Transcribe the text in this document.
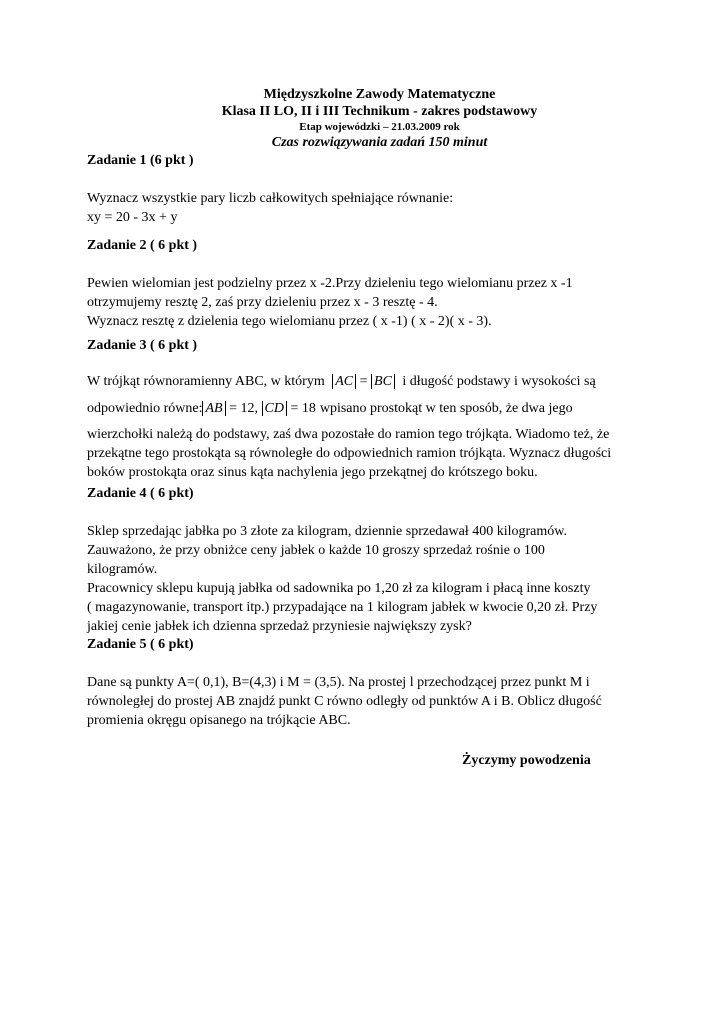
Międzyszkolne Zawody Matematyczne
Klasa II LO, II i III Technikum - zakres podstawowy
Etap wojewódzki – 21.03.2009 rok
Czas rozwiązywania zadań 150 minut
Zadanie 1 (6 pkt )
Wyznacz wszystkie pary liczb całkowitych spełniające równanie:
xy = 20 - 3x + y
Zadanie 2 ( 6 pkt )
Pewien wielomian jest podzielny przez x -2.Przy dzieleniu tego wielomianu przez x -1
otrzymujemy resztę 2, zaś przy dzieleniu przez x - 3 resztę - 4.
Wyznacz resztę z dzielenia tego wielomianu przez ( x -1) ( x - 2)( x - 3).
Zadanie 3 ( 6 pkt )
W trójkąt równoramienny ABC, w którym AC = BC i długość podstawy i wysokości są
odpowiednio równe: AB = 12, CD = 18 wpisano prostokąt w ten sposób, że dwa jego
wierzchołki należą do podstawy, zaś dwa pozostałe do ramion tego trójkąta. Wiadomo też, że
przekątne tego prostokąta są równoległe do odpowiednich ramion trójkąta. Wyznacz długości
boków prostokąta oraz sinus kąta nachylenia jego przekątnej do krótszego boku.
Zadanie 4 ( 6 pkt)
Sklep sprzedając jabłka po 3 złote za kilogram, dziennie sprzedawał 400 kilogramów.
Zauważono, że przy obniżce ceny jabłek o każde 10 groszy sprzedaż rośnie o 100
kilogramów.
Pracownicy sklepu kupują jabłka od sadownika po 1,20 zł za kilogram i płacą inne koszty
( magazynowanie, transport itp.) przypadające na 1 kilogram jabłek w kwocie 0,20 zł. Przy
jakiej cenie jabłek ich dzienna sprzedaż przyniesie największy zysk?
Zadanie 5 ( 6 pkt)
Dane są punkty A=( 0,1), B=(4,3) i M = (3,5). Na prostej l przechodzącej przez punkt M i
równoległej do prostej AB znajdź punkt C równo odległy od punktów A i B. Oblicz długość
promienia okręgu opisanego na trójkącie ABC.
Życzymy powodzenia
